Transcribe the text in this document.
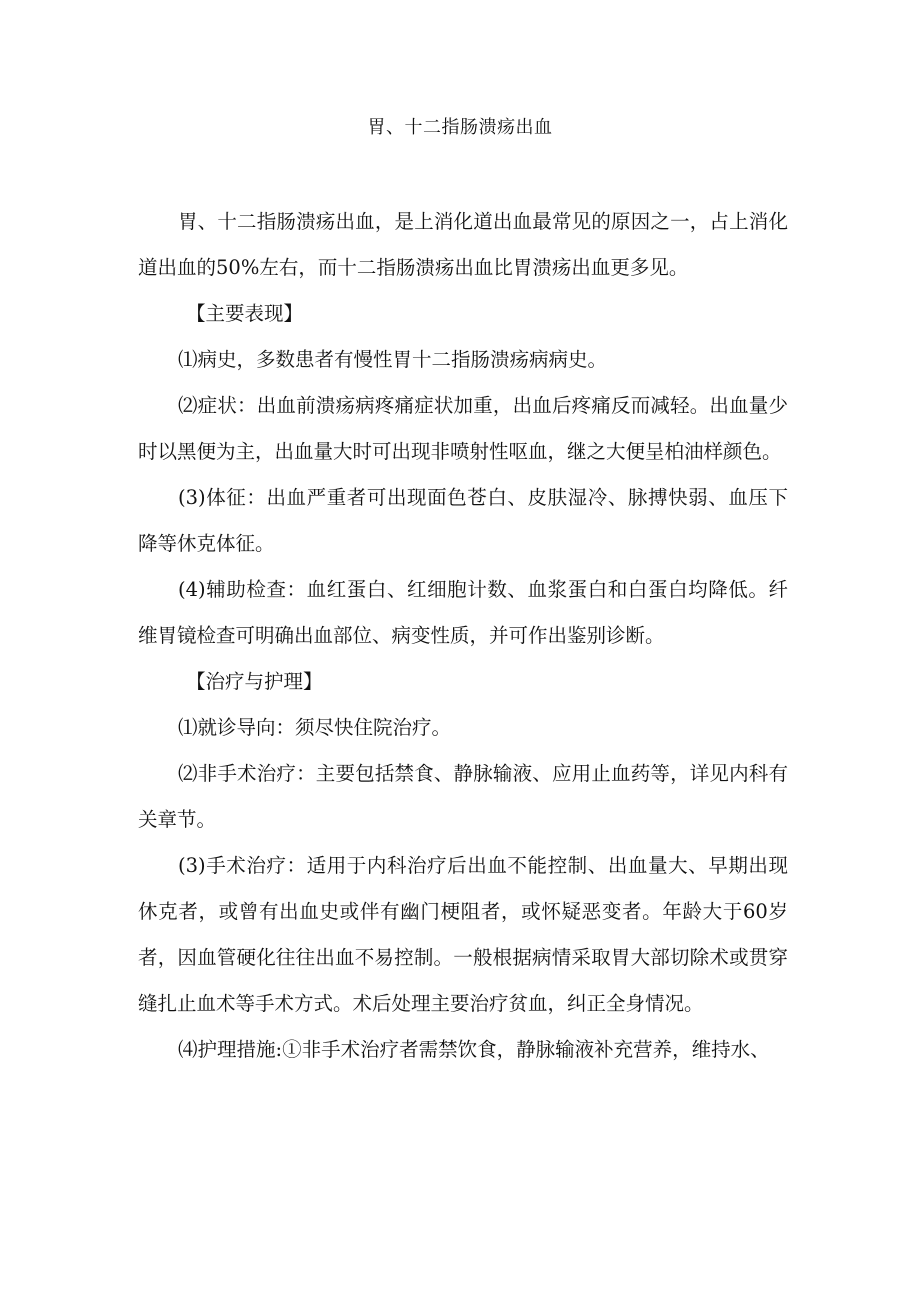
胃、十二指肠溃疡出血

胃、十二指肠溃疡出血，是上消化道出血最常见的原因之一，占上消化道出血的50%左右，而十二指肠溃疡出血比胃溃疡出血更多见。

【主要表现】

⑴病史，多数患者有慢性胃十二指肠溃疡病病史。

⑵症状：出血前溃疡病疼痛症状加重，出血后疼痛反而减轻。出血量少时以黑便为主，出血量大时可出现非喷射性呕血，继之大便呈柏油样颜色。

(3)体征：出血严重者可出现面色苍白、皮肤湿冷、脉搏快弱、血压下降等休克体征。

(4)辅助检查：血红蛋白、红细胞计数、血浆蛋白和白蛋白均降低。纤维胃镜检查可明确出血部位、病变性质，并可作出鉴别诊断。

【治疗与护理】

⑴就诊导向：须尽快住院治疗。

⑵非手术治疗：主要包括禁食、静脉输液、应用止血药等，详见内科有关章节。

(3)手术治疗：适用于内科治疗后出血不能控制、出血量大、早期出现休克者，或曾有出血史或伴有幽门梗阻者，或怀疑恶变者。年龄大于60岁者，因血管硬化往往出血不易控制。一般根据病情采取胃大部切除术或贯穿缝扎止血术等手术方式。术后处理主要治疗贫血，纠正全身情况。

⑷护理措施:①非手术治疗者需禁饮食，静脉输液补充营养，维持水、
